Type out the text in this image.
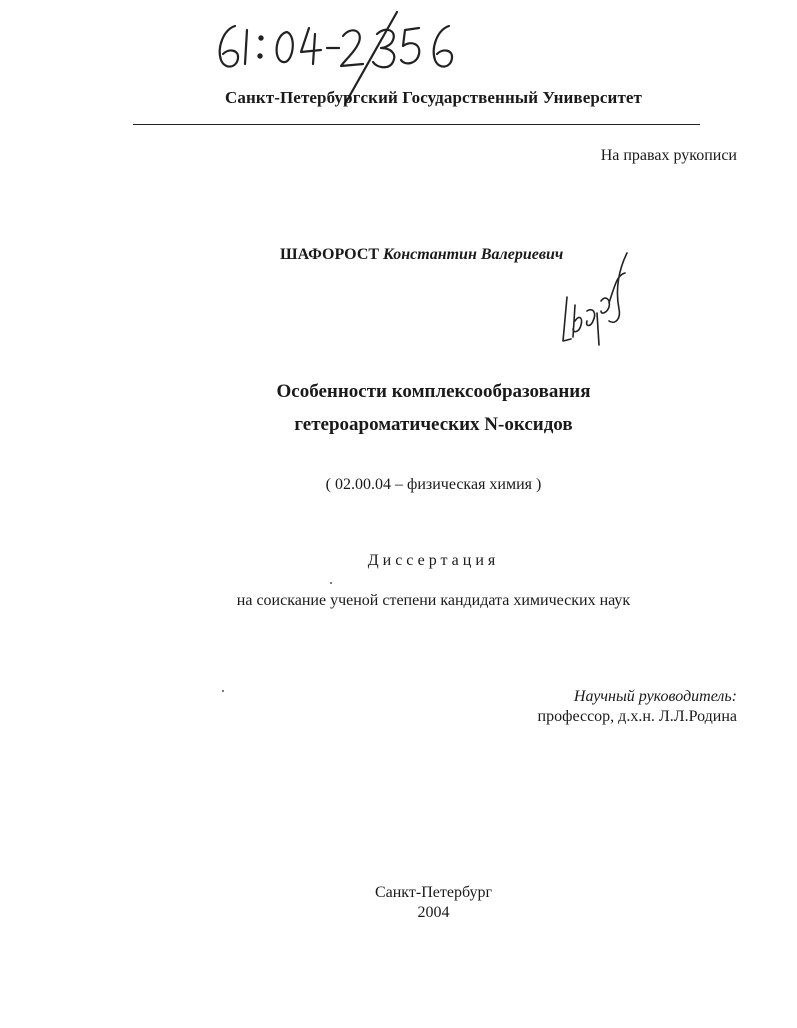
Санкт-Петербургский Государственный Университет
На правах рукописи
ШАФОРОСТ Константин Валериевич
Особенности комплексообразования
гетероароматических N-оксидов
( 02.00.04 – физическая химия )
Диссертация
на соискание ученой степени кандидата химических наук
Научный руководитель:
профессор, д.х.н. Л.Л.Родина
Санкт-Петербург
2004
